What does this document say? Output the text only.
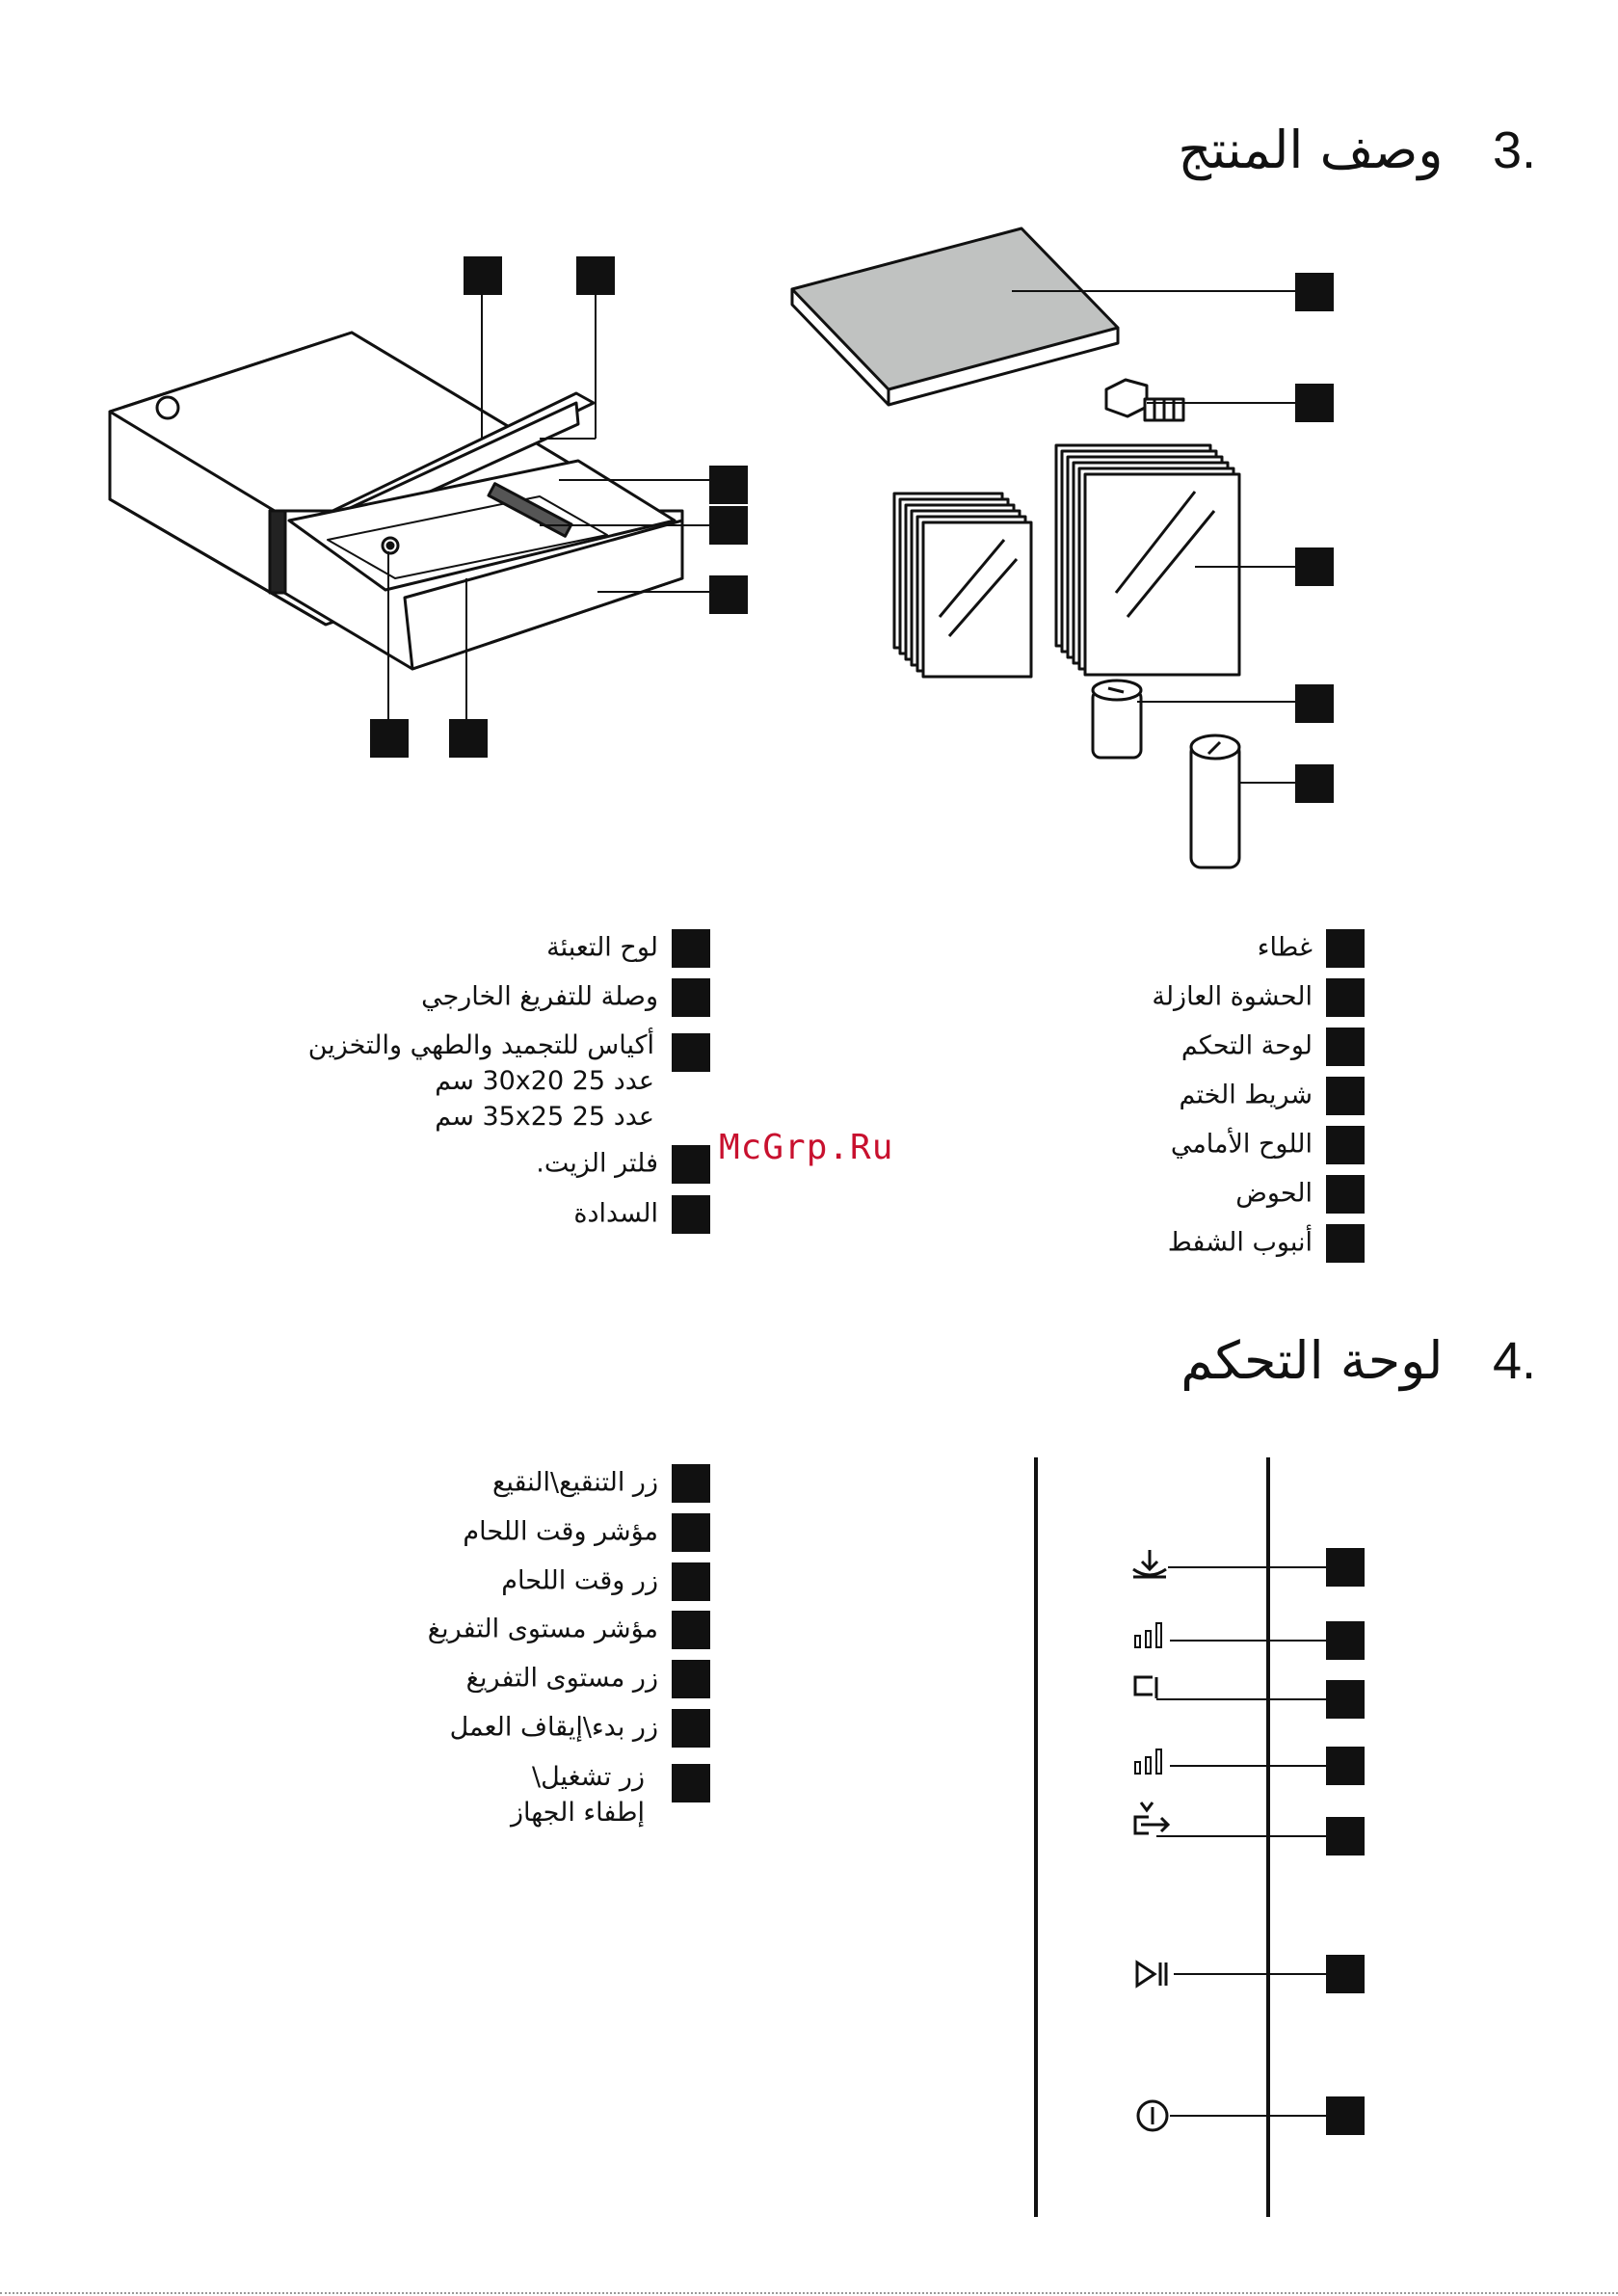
.3   وصف المنتج
غطاء
الحشوة العازلة
لوحة التحكم
شريط الختم
اللوح الأمامي
الحوض
أنبوب الشفط
لوح التعبئة
وصلة للتفريغ الخارجي
أكياس للتجميد والطهي والتخزين
عدد 25 30x20 سم
عدد 25 35x25 سم
فلتر الزيت.
السدادة
McGrp.Ru
.4   لوحة التحكم
زر التنقيع\النقيع
مؤشر وقت اللحام
زر وقت اللحام
مؤشر مستوى التفريغ
زر مستوى التفريغ
زر بدء\إيقاف العمل
زر تشغيل\
إطفاء الجهاز
